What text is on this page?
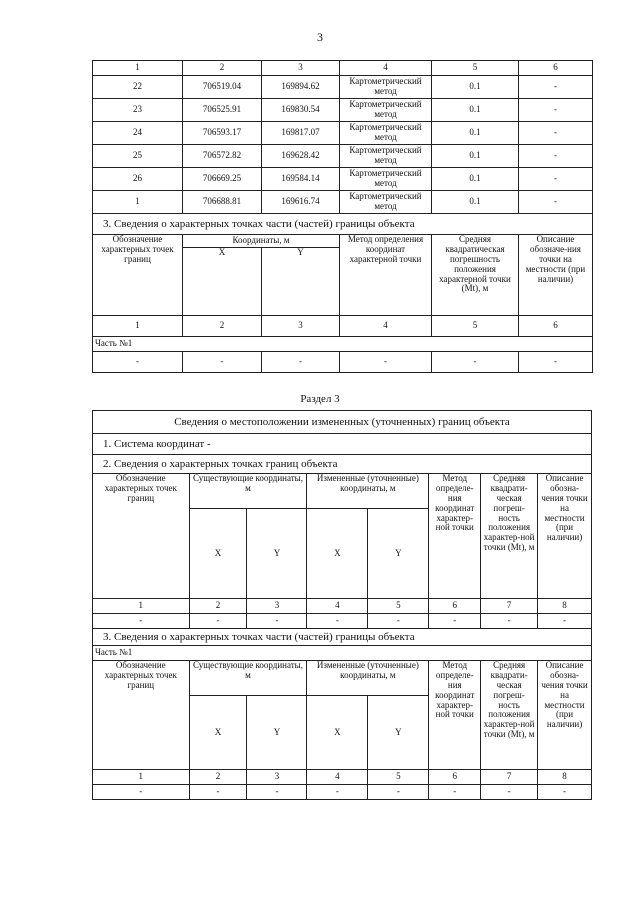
3
1	2	3	4	5	6
22	706519.04	169894.62	Картометрический метод	0.1	-
23	706525.91	169830.54	Картометрический метод	0.1	-
24	706593.17	169817.07	Картометрический метод	0.1	-
25	706572.82	169628.42	Картометрический метод	0.1	-
26	706669.25	169584.14	Картометрический метод	0.1	-
1	706688.81	169616.74	Картометрический метод	0.1	-
3. Сведения о характерных точках части (частей) границы объекта					
Обозначение характерных точек границ	Координаты, м		Метод определения координат характерной точки	Средняя квадратическая погрешность положения характерной точки (Mt), м	Описание обозначе-ния точки на местности (при наличии)
	X	Y			
1	2	3	4	5	6
Часть №1					
-	-	-	-	-	-
Раздел 3
Сведения о местоположении измененных (уточненных) границ объекта							
1. Система координат -							
2. Сведения о характерных точках границ объекта							
Обозначение характерных точек границ	Существующие координаты, м		Измененные (уточненные) координаты, м		Метод определе-ния координат характер-ной точки	Средняя квадрати-ческая погреш-ность положения характер-ной точки (Mt), м	Описание обозна-чения точки на местности (при наличии)
	X	Y	X	Y			
1	2	3	4	5	6	7	8
-	-	-	-	-	-	-	-
3. Сведения о характерных точках части (частей) границы объекта							
Часть №1							
Обозначение характерных точек границ	Существующие координаты, м		Измененные (уточненные) координаты, м		Метод определе-ния координат характер-ной точки	Средняя квадрати-ческая погреш-ность положения характер-ной точки (Mt), м	Описание обозна-чения точки на местности (при наличии)
	X	Y	X	Y			
1	2	3	4	5	6	7	8
-	-	-	-	-	-	-	-
